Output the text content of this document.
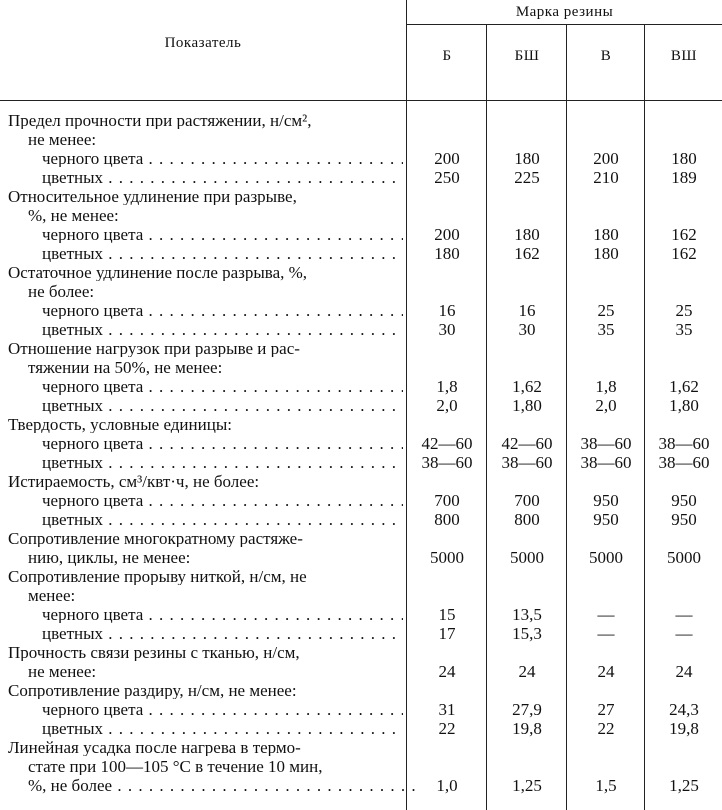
Показатель
Марка резины
Б	БШ	В	ВШ
Предел прочности при растяжении, н/см²,
не менее:
черного цвета . . .	200	180	200	180
цветных . . .	250	225	210	189
Относительное удлинение при разрыве,
%, не менее:
черного цвета . . .	200	180	180	162
цветных . . .	180	162	180	162
Остаточное удлинение после разрыва, %,
не более:
черного цвета . . .	16	16	25	25
цветных . . .	30	30	35	35
Отношение нагрузок при разрыве и рас-
тяжении на 50%, не менее:
черного цвета . . .	1,8	1,62	1,8	1,62
цветных . . .	2,0	1,80	2,0	1,80
Твердость, условные единицы:
черного цвета . . .	42—60	42—60	38—60	38—60
цветных . . .	38—60	38—60	38—60	38—60
Истираемость, см³/квт·ч, не более:
черного цвета . . .	700	700	950	950
цветных . . .	800	800	950	950
Сопротивление многократному растяже-
нию, циклы, не менее:	5000	5000	5000	5000
Сопротивление прорыву ниткой, н/см, не
менее:
черного цвета . . .	15	13,5	—	—
цветных . . .	17	15,3	—	—
Прочность связи резины с тканью, н/см,
не менее:	24	24	24	24
Сопротивление раздиру, н/см, не менее:
черного цвета . . .	31	27,9	27	24,3
цветных . . .	22	19,8	22	19,8
Линейная усадка после нагрева в термо-
стате при 100—105 °С в течение 10 мин,
%, не более . . .	1,0	1,25	1,5	1,25
